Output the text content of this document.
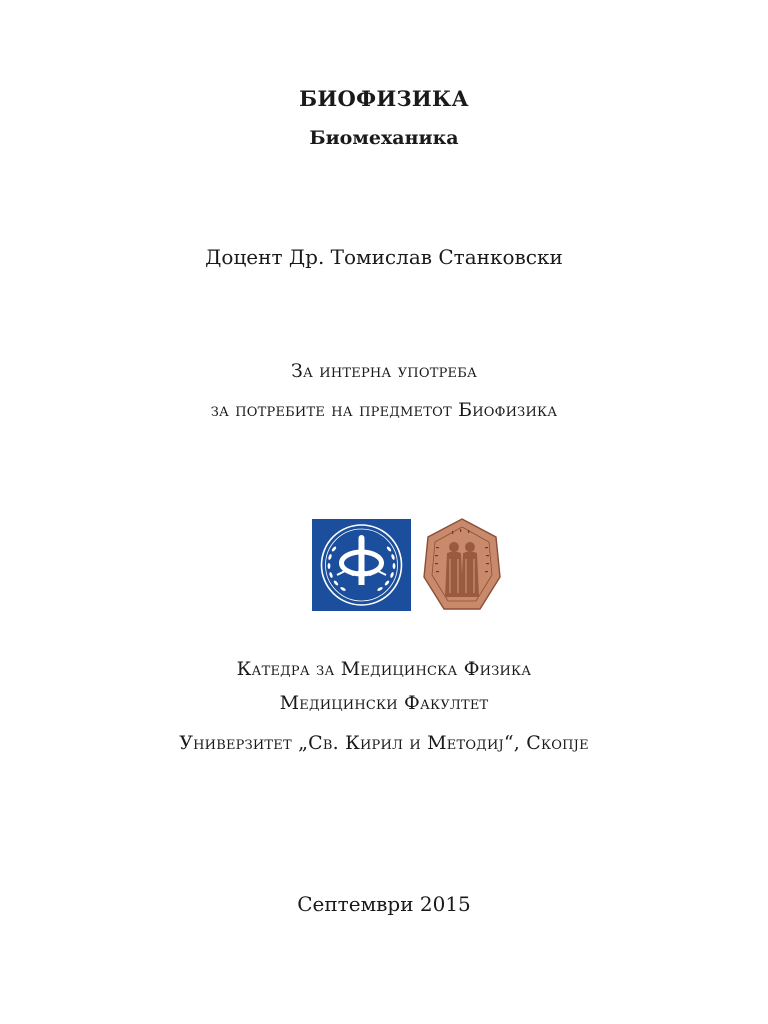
БИОФИЗИКА
Биомеханика
Доцент Др. Томислав Станковски
За интерна употреба
за потребите на предметот Биофизика
Катедра за Медицинска Физика
Медицински Факултет
Универзитет „Св. Кирил и Методиј“, Скопје
Септември 2015
